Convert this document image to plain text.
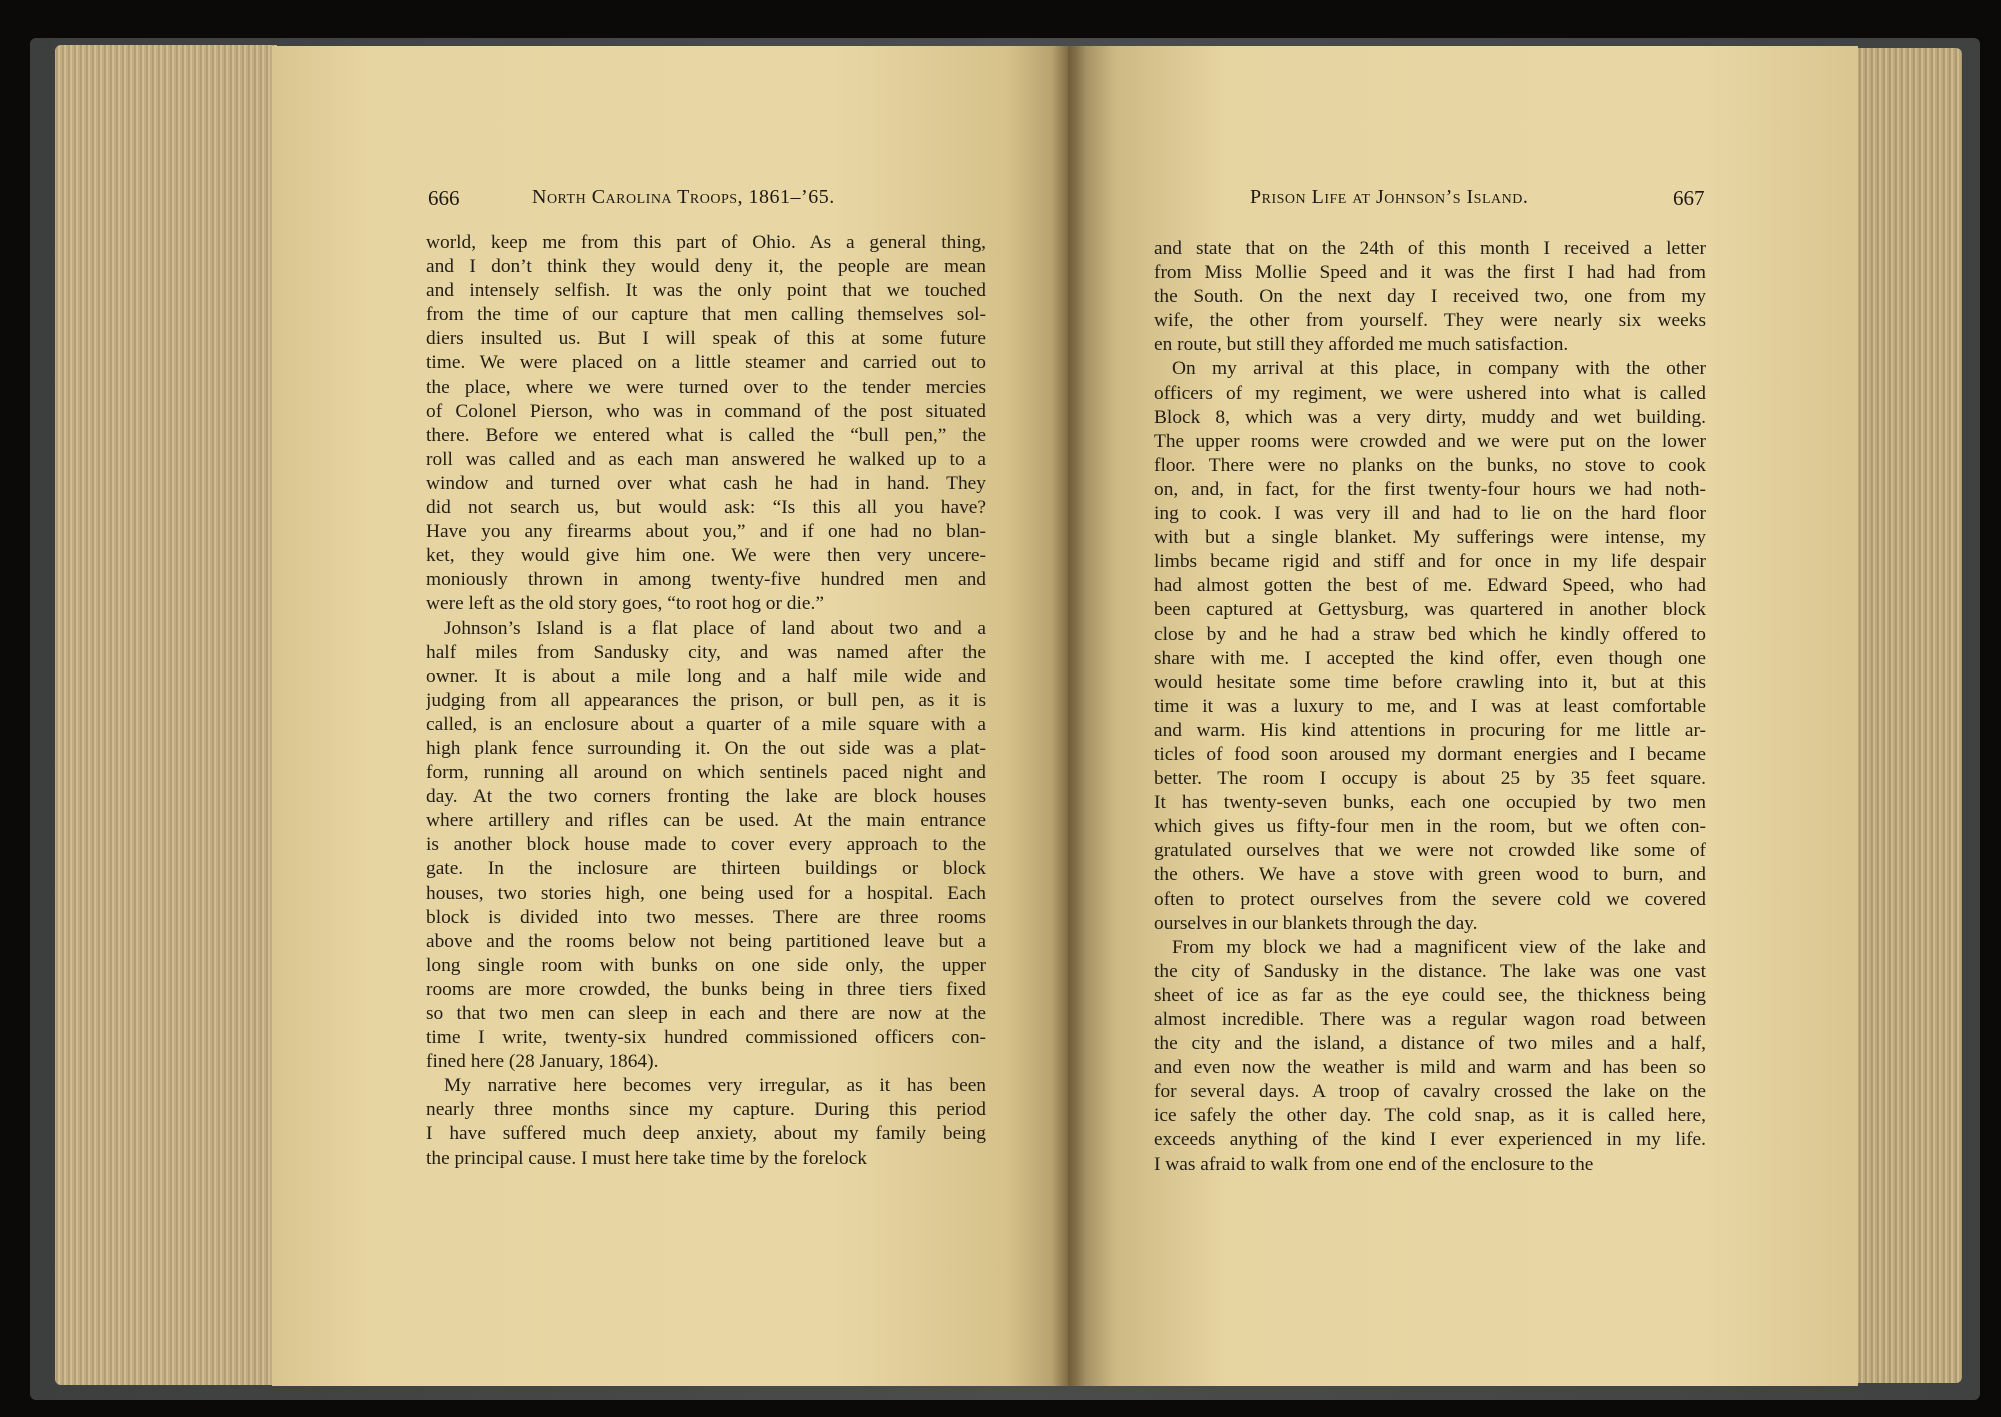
666	North Carolina Troops, 1861–’65.	Prison Life at Johnson’s Island.	667
world, keep me from this part of Ohio. As a general thing,
and I don’t think they would deny it, the people are mean
and intensely selfish. It was the only point that we touched
from the time of our capture that men calling themselves sol-
diers insulted us. But I will speak of this at some future
time. We were placed on a little steamer and carried out to
the place, where we were turned over to the tender mercies
of Colonel Pierson, who was in command of the post situated
there. Before we entered what is called the “bull pen,” the
roll was called and as each man answered he walked up to a
window and turned over what cash he had in hand. They
did not search us, but would ask: “Is this all you have?
Have you any firearms about you,” and if one had no blan-
ket, they would give him one. We were then very uncere-
moniously thrown in among twenty-five hundred men and
were left as the old story goes, “to root hog or die.”
Johnson’s Island is a flat place of land about two and a
half miles from Sandusky city, and was named after the
owner. It is about a mile long and a half mile wide and
judging from all appearances the prison, or bull pen, as it is
called, is an enclosure about a quarter of a mile square with a
high plank fence surrounding it. On the out side was a plat-
form, running all around on which sentinels paced night and
day. At the two corners fronting the lake are block houses
where artillery and rifles can be used. At the main entrance
is another block house made to cover every approach to the
gate. In the inclosure are thirteen buildings or block
houses, two stories high, one being used for a hospital. Each
block is divided into two messes. There are three rooms
above and the rooms below not being partitioned leave but a
long single room with bunks on one side only, the upper
rooms are more crowded, the bunks being in three tiers fixed
so that two men can sleep in each and there are now at the
time I write, twenty-six hundred commissioned officers con-
fined here (28 January, 1864).
My narrative here becomes very irregular, as it has been
nearly three months since my capture. During this period
I have suffered much deep anxiety, about my family being
the principal cause. I must here take time by the forelock
and state that on the 24th of this month I received a letter
from Miss Mollie Speed and it was the first I had had from
the South. On the next day I received two, one from my
wife, the other from yourself. They were nearly six weeks
en route, but still they afforded me much satisfaction.
On my arrival at this place, in company with the other
officers of my regiment, we were ushered into what is called
Block 8, which was a very dirty, muddy and wet building.
The upper rooms were crowded and we were put on the lower
floor. There were no planks on the bunks, no stove to cook
on, and, in fact, for the first twenty-four hours we had noth-
ing to cook. I was very ill and had to lie on the hard floor
with but a single blanket. My sufferings were intense, my
limbs became rigid and stiff and for once in my life despair
had almost gotten the best of me. Edward Speed, who had
been captured at Gettysburg, was quartered in another block
close by and he had a straw bed which he kindly offered to
share with me. I accepted the kind offer, even though one
would hesitate some time before crawling into it, but at this
time it was a luxury to me, and I was at least comfortable
and warm. His kind attentions in procuring for me little ar-
ticles of food soon aroused my dormant energies and I became
better. The room I occupy is about 25 by 35 feet square.
It has twenty-seven bunks, each one occupied by two men
which gives us fifty-four men in the room, but we often con-
gratulated ourselves that we were not crowded like some of
the others. We have a stove with green wood to burn, and
often to protect ourselves from the severe cold we covered
ourselves in our blankets through the day.
From my block we had a magnificent view of the lake and
the city of Sandusky in the distance. The lake was one vast
sheet of ice as far as the eye could see, the thickness being
almost incredible. There was a regular wagon road between
the city and the island, a distance of two miles and a half,
and even now the weather is mild and warm and has been so
for several days. A troop of cavalry crossed the lake on the
ice safely the other day. The cold snap, as it is called here,
exceeds anything of the kind I ever experienced in my life.
I was afraid to walk from one end of the enclosure to the
